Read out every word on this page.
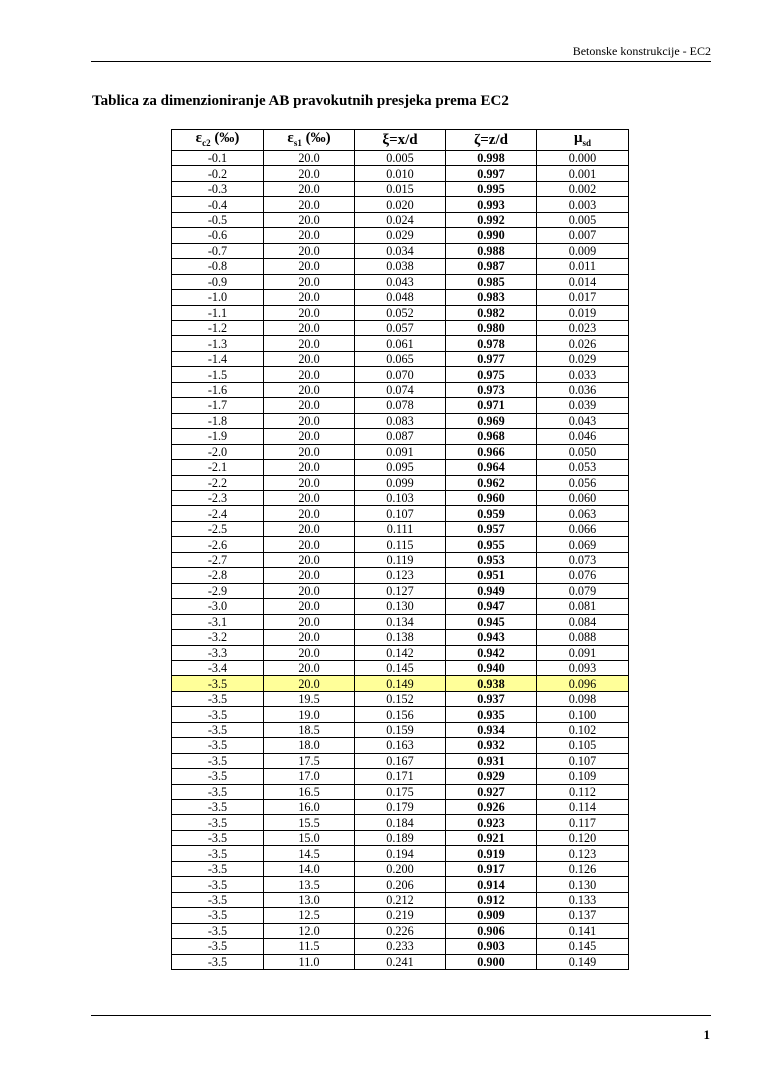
Betonske konstrukcije - EC2
Tablica za dimenzioniranje AB pravokutnih presjeka prema EC2
$\varepsilon_{c2}$ (‰)	$\varepsilon_{s1}$ (‰)	ξ=x/d	ζ=z/d	$\mu_{sd}$
-0.1	20.0	0.005	0.998	0.000
-0.2	20.0	0.010	0.997	0.001
-0.3	20.0	0.015	0.995	0.002
-0.4	20.0	0.020	0.993	0.003
-0.5	20.0	0.024	0.992	0.005
-0.6	20.0	0.029	0.990	0.007
-0.7	20.0	0.034	0.988	0.009
-0.8	20.0	0.038	0.987	0.011
-0.9	20.0	0.043	0.985	0.014
-1.0	20.0	0.048	0.983	0.017
-1.1	20.0	0.052	0.982	0.019
-1.2	20.0	0.057	0.980	0.023
-1.3	20.0	0.061	0.978	0.026
-1.4	20.0	0.065	0.977	0.029
-1.5	20.0	0.070	0.975	0.033
-1.6	20.0	0.074	0.973	0.036
-1.7	20.0	0.078	0.971	0.039
-1.8	20.0	0.083	0.969	0.043
-1.9	20.0	0.087	0.968	0.046
-2.0	20.0	0.091	0.966	0.050
-2.1	20.0	0.095	0.964	0.053
-2.2	20.0	0.099	0.962	0.056
-2.3	20.0	0.103	0.960	0.060
-2.4	20.0	0.107	0.959	0.063
-2.5	20.0	0.111	0.957	0.066
-2.6	20.0	0.115	0.955	0.069
-2.7	20.0	0.119	0.953	0.073
-2.8	20.0	0.123	0.951	0.076
-2.9	20.0	0.127	0.949	0.079
-3.0	20.0	0.130	0.947	0.081
-3.1	20.0	0.134	0.945	0.084
-3.2	20.0	0.138	0.943	0.088
-3.3	20.0	0.142	0.942	0.091
-3.4	20.0	0.145	0.940	0.093
-3.5	20.0	0.149	0.938	0.096
-3.5	19.5	0.152	0.937	0.098
-3.5	19.0	0.156	0.935	0.100
-3.5	18.5	0.159	0.934	0.102
-3.5	18.0	0.163	0.932	0.105
-3.5	17.5	0.167	0.931	0.107
-3.5	17.0	0.171	0.929	0.109
-3.5	16.5	0.175	0.927	0.112
-3.5	16.0	0.179	0.926	0.114
-3.5	15.5	0.184	0.923	0.117
-3.5	15.0	0.189	0.921	0.120
-3.5	14.5	0.194	0.919	0.123
-3.5	14.0	0.200	0.917	0.126
-3.5	13.5	0.206	0.914	0.130
-3.5	13.0	0.212	0.912	0.133
-3.5	12.5	0.219	0.909	0.137
-3.5	12.0	0.226	0.906	0.141
-3.5	11.5	0.233	0.903	0.145
-3.5	11.0	0.241	0.900	0.149
1
